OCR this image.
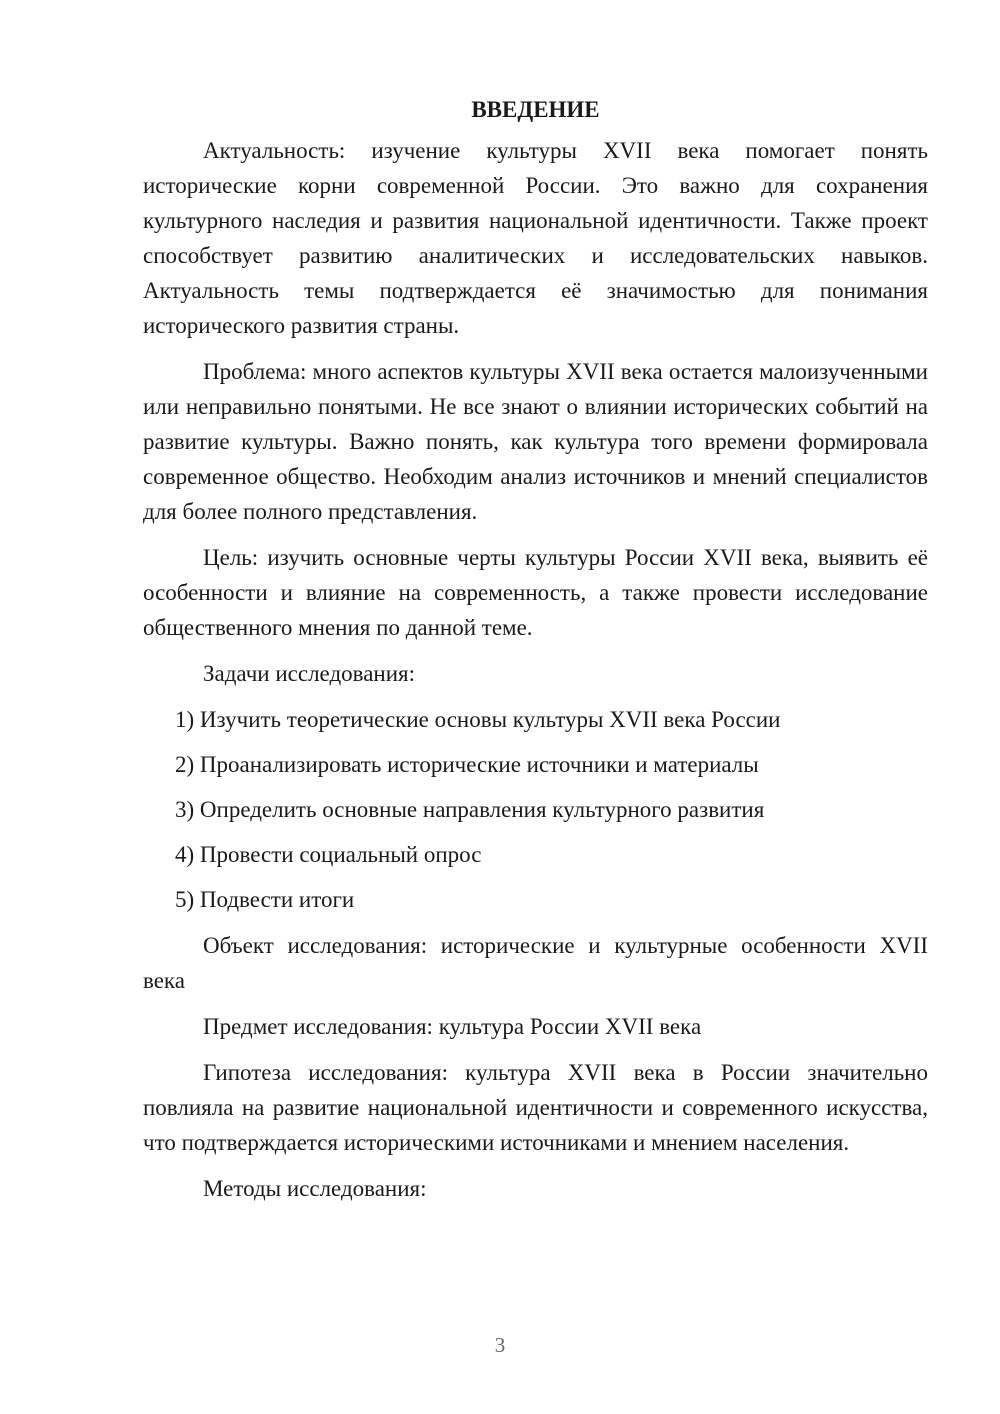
ВВЕДЕНИЕ

Актуальность: изучение культуры XVII века помогает понять исторические корни современной России. Это важно для сохранения культурного наследия и развития национальной идентичности. Также проект способствует развитию аналитических и исследовательских навыков. Актуальность темы подтверждается её значимостью для понимания исторического развития страны.

Проблема: много аспектов культуры XVII века остается малоизученными или неправильно понятыми. Не все знают о влиянии исторических событий на развитие культуры. Важно понять, как культура того времени формировала современное общество. Необходим анализ источников и мнений специалистов для более полного представления.

Цель: изучить основные черты культуры России XVII века, выявить её особенности и влияние на современность, а также провести исследование общественного мнения по данной теме.

Задачи исследования:

1) Изучить теоретические основы культуры XVII века России
2) Проанализировать исторические источники и материалы
3) Определить основные направления культурного развития
4) Провести социальный опрос
5) Подвести итоги

Объект исследования: исторические и культурные особенности XVII века

Предмет исследования: культура России XVII века

Гипотеза исследования: культура XVII века в России значительно повлияла на развитие национальной идентичности и современного искусства, что подтверждается историческими источниками и мнением населения.

Методы исследования:

3
